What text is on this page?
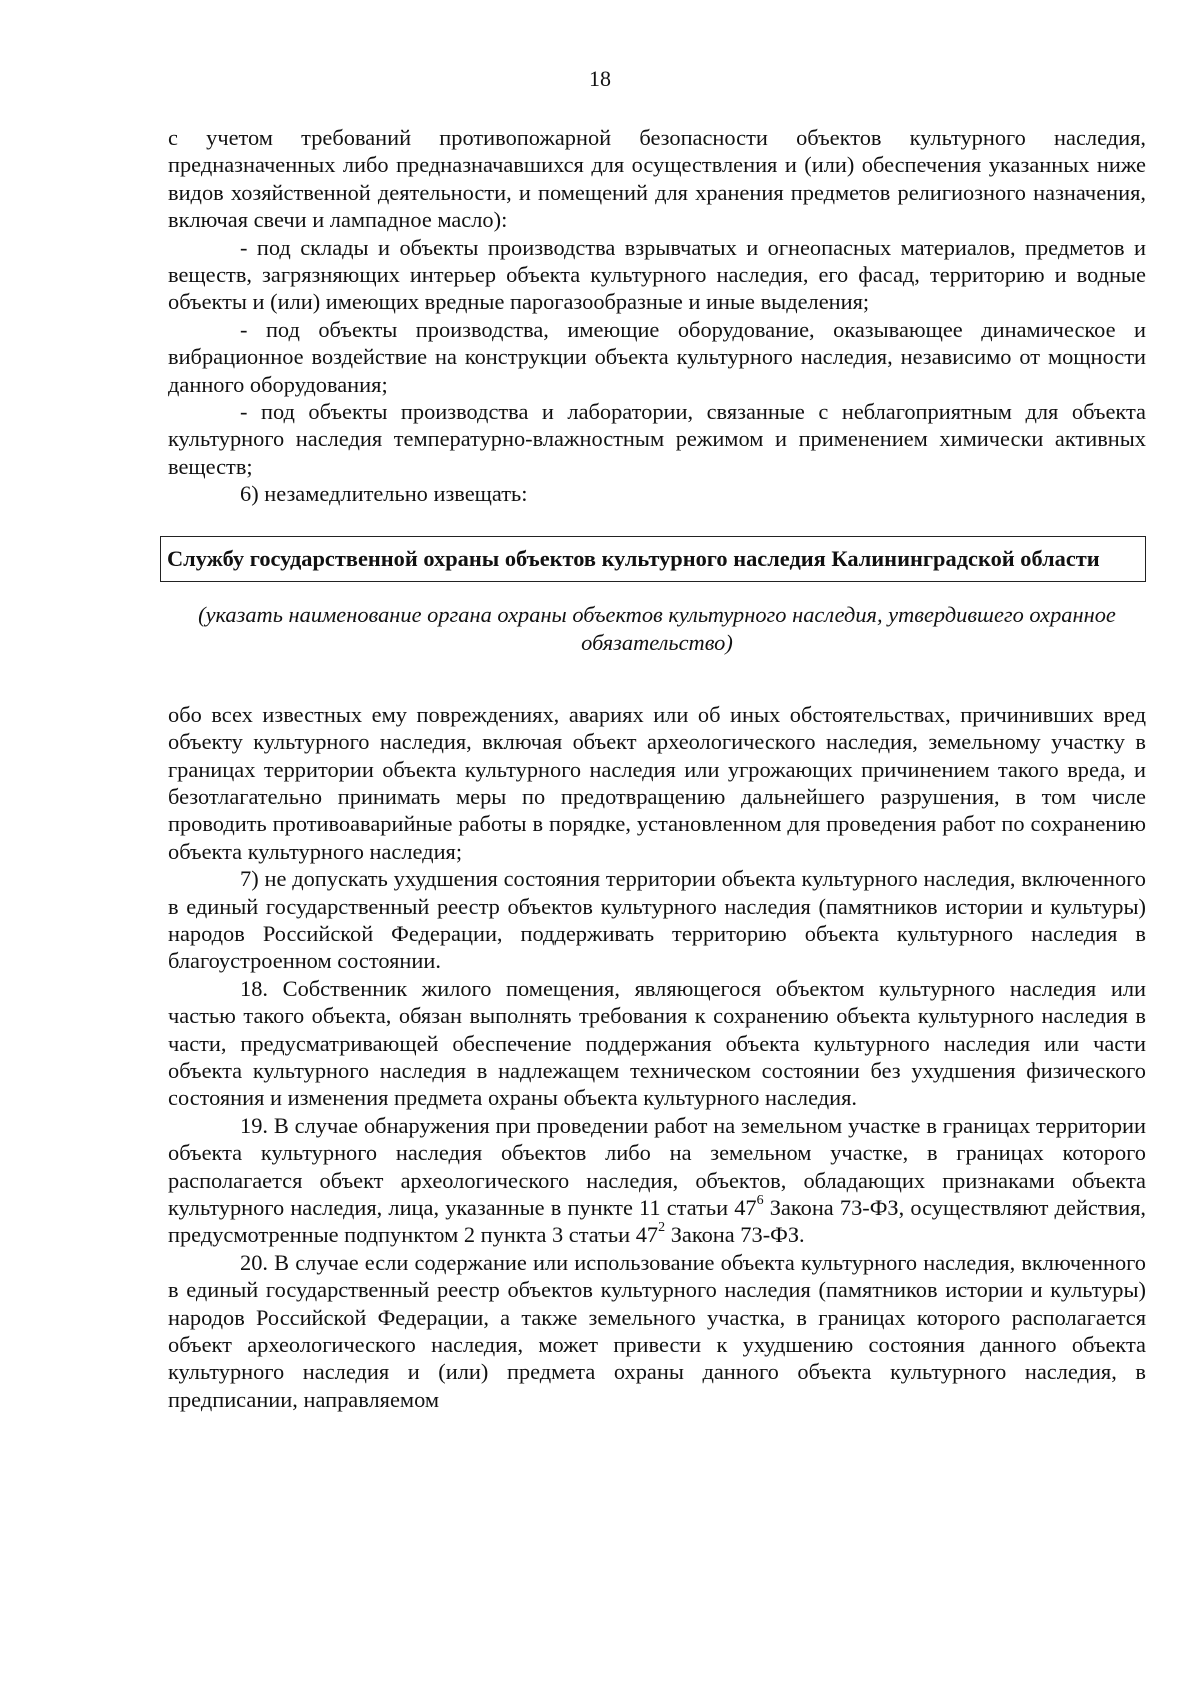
18

с учетом требований противопожарной безопасности объектов культурного наследия, предназначенных либо предназначавшихся для осуществления и (или) обеспечения указанных ниже видов хозяйственной деятельности, и помещений для хранения предметов религиозного назначения, включая свечи и лампадное масло):

- под склады и объекты производства взрывчатых и огнеопасных материалов, предметов и веществ, загрязняющих интерьер объекта культурного наследия, его фасад, территорию и водные объекты и (или) имеющих вредные парогазообразные и иные выделения;

- под объекты производства, имеющие оборудование, оказывающее динамическое и вибрационное воздействие на конструкции объекта культурного наследия, независимо от мощности данного оборудования;

- под объекты производства и лаборатории, связанные с неблагоприятным для объекта культурного наследия температурно-влажностным режимом и применением химически активных веществ;

6) незамедлительно извещать:

Службу государственной охраны объектов культурного наследия Калининградской области
(указать наименование органа охраны объектов культурного наследия, утвердившего охранное обязательство)

обо всех известных ему повреждениях, авариях или об иных обстоятельствах, причинивших вред объекту культурного наследия, включая объект археологического наследия, земельному участку в границах территории объекта культурного наследия или угрожающих причинением такого вреда, и безотлагательно принимать меры по предотвращению дальнейшего разрушения, в том числе проводить противоаварийные работы в порядке, установленном для проведения работ по сохранению объекта культурного наследия;

7) не допускать ухудшения состояния территории объекта культурного наследия, включенного в единый государственный реестр объектов культурного наследия (памятников истории и культуры) народов Российской Федерации, поддерживать территорию объекта культурного наследия в благоустроенном состоянии.

18. Собственник жилого помещения, являющегося объектом культурного наследия или частью такого объекта, обязан выполнять требования к сохранению объекта культурного наследия в части, предусматривающей обеспечение поддержания объекта культурного наследия или части объекта культурного наследия в надлежащем техническом состоянии без ухудшения физического состояния и изменения предмета охраны объекта культурного наследия.

19. В случае обнаружения при проведении работ на земельном участке в границах территории объекта культурного наследия объектов либо на земельном участке, в границах которого располагается объект археологического наследия, объектов, обладающих признаками объекта культурного наследия, лица, указанные в пункте 11 статьи $47^6$ Закона 73-ФЗ, осуществляют действия, предусмотренные подпунктом 2 пункта 3 статьи $47^2$ Закона 73-ФЗ.

20. В случае если содержание или использование объекта культурного наследия, включенного в единый государственный реестр объектов культурного наследия (памятников истории и культуры) народов Российской Федерации, а также земельного участка, в границах которого располагается объект археологического наследия, может привести к ухудшению состояния данного объекта культурного наследия и (или) предмета охраны данного объекта культурного наследия, в предписании, направляемом
